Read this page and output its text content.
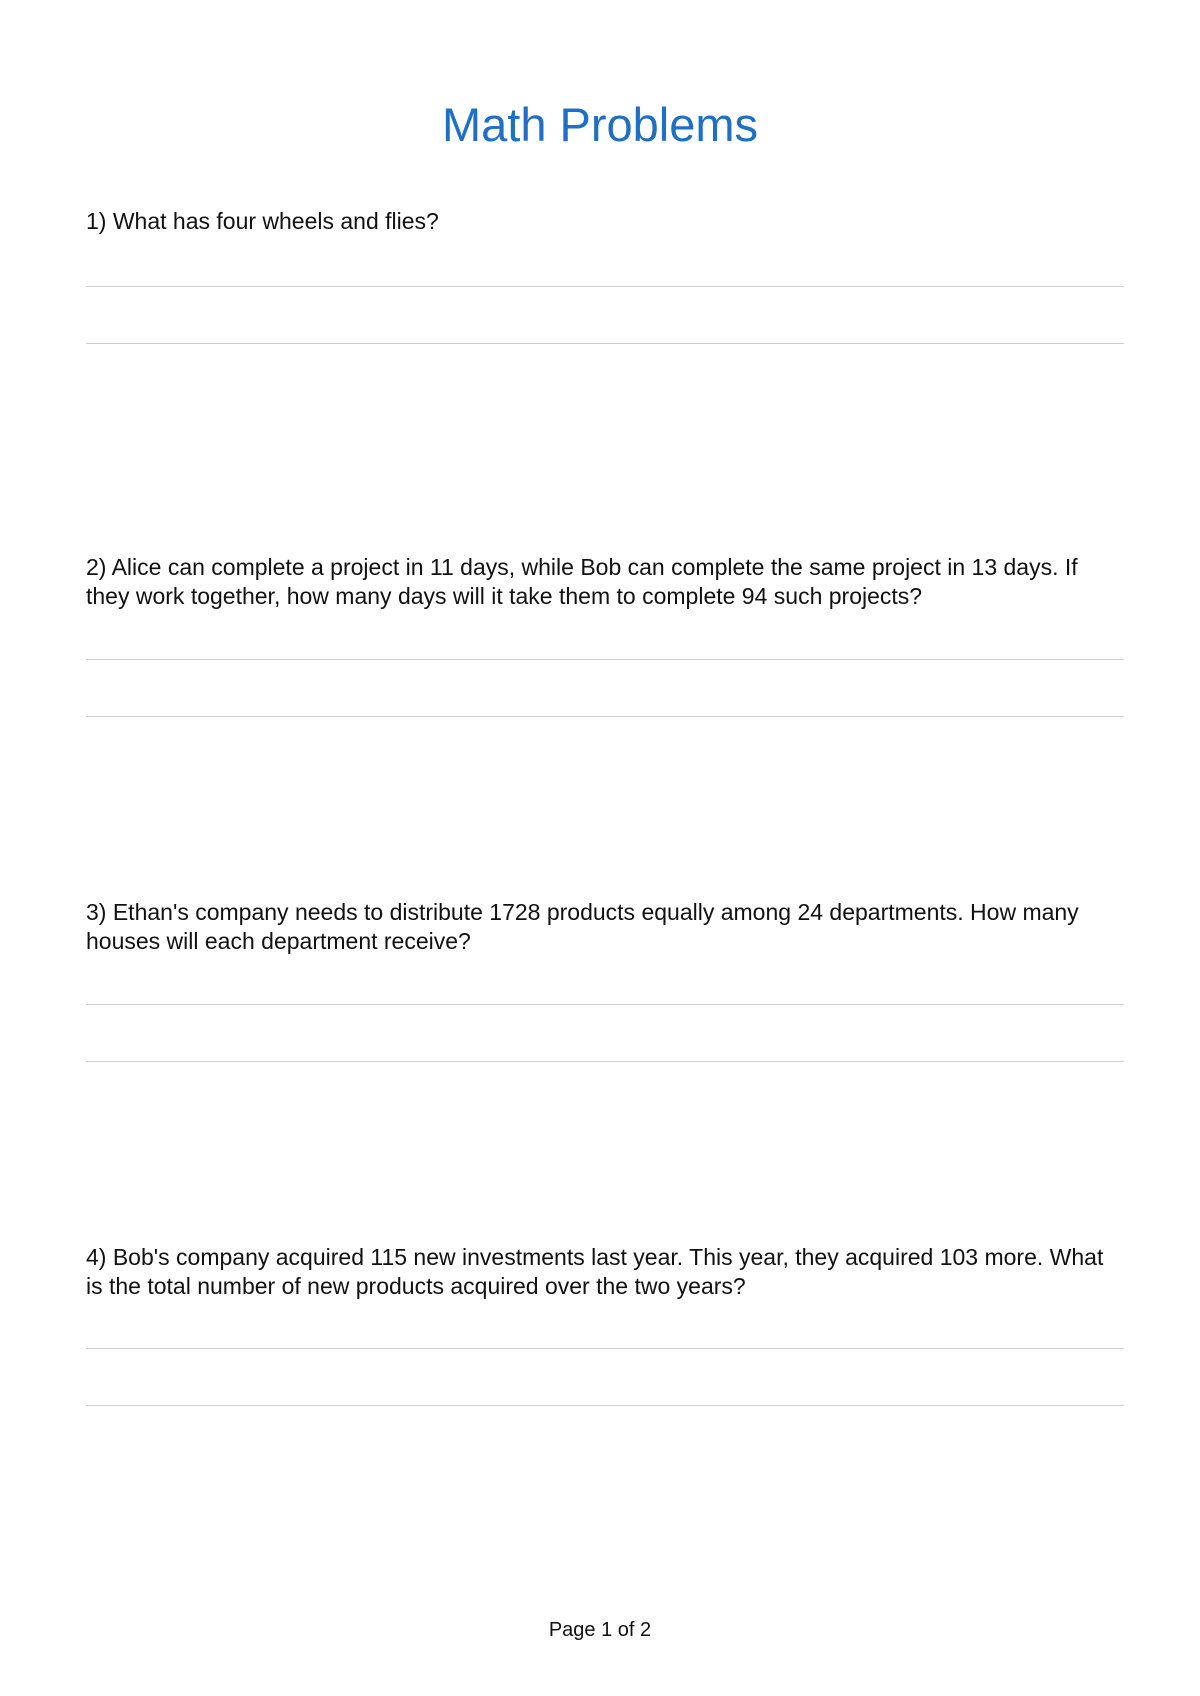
Math Problems
1) What has four wheels and flies?
2) Alice can complete a project in 11 days, while Bob can complete the same project in 13 days. If they work together, how many days will it take them to complete 94 such projects?
3) Ethan's company needs to distribute 1728 products equally among 24 departments. How many houses will each department receive?
4) Bob's company acquired 115 new investments last year. This year, they acquired 103 more. What is the total number of new products acquired over the two years?
Page 1 of 2
